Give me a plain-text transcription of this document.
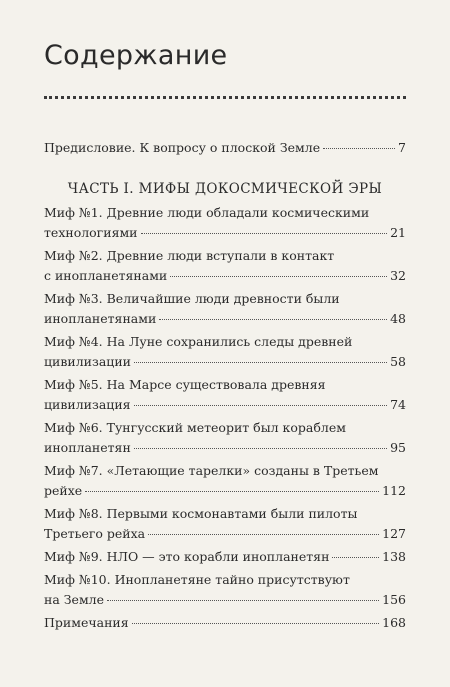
Содержание
Предисловие. К вопросу о плоской Земле	7
ЧАСТЬ I. МИФЫ ДОКОСМИЧЕСКОЙ ЭРЫ
Миф №1. Древние люди обладали космическими
технологиями	21
Миф №2. Древние люди вступали в контакт
с инопланетянами	32
Миф №3. Величайшие люди древности были
инопланетянами	48
Миф №4. На Луне сохранились следы древней
цивилизации	58
Миф №5. На Марсе существовала древняя
цивилизация	74
Миф №6. Тунгусский метеорит был кораблем
инопланетян	95
Миф №7. «Летающие тарелки» созданы в Третьем
рейхе	112
Миф №8. Первыми космонавтами были пилоты
Третьего рейха	127
Миф №9. НЛО — это корабли инопланетян	138
Миф №10. Инопланетяне тайно присутствуют
на Земле	156
Примечания	168
